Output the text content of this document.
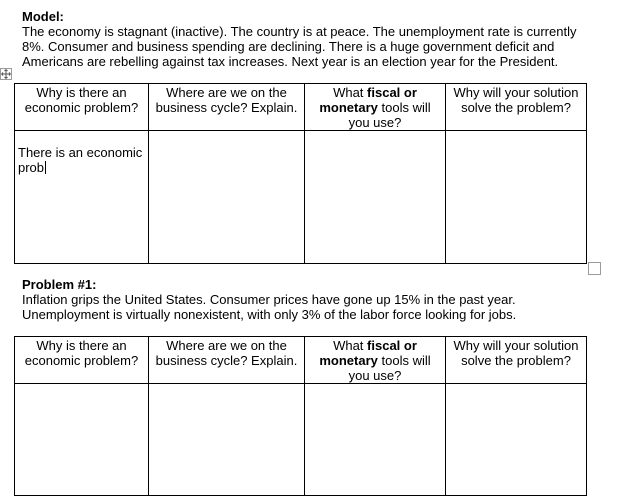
Model:
The economy is stagnant (inactive). The country is at peace. The unemployment rate is currently 8%. Consumer and business spending are declining. There is a huge government deficit and Americans are rebelling against tax increases. Next year is an election year for the President.
Why is there an economic problem?	Where are we on the business cycle? Explain.	What fiscal or monetary tools will you use?	Why will your solution solve the problem?
There is an economic prob			
Problem #1:
Inflation grips the United States. Consumer prices have gone up 15% in the past year. Unemployment is virtually nonexistent, with only 3% of the labor force looking for jobs.
Why is there an economic problem?	Where are we on the business cycle? Explain.	What fiscal or monetary tools will you use?	Why will your solution solve the problem?
